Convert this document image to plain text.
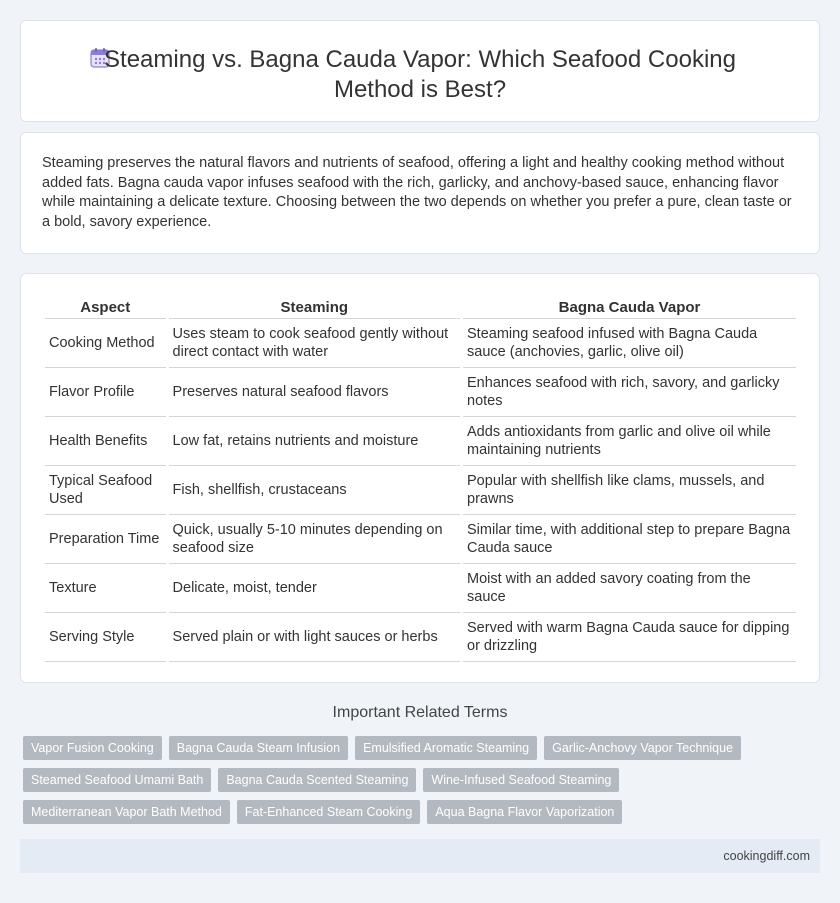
Steaming vs. Bagna Cauda Vapor: Which Seafood Cooking
Method is Best?

Steaming preserves the natural flavors and nutrients of seafood, offering a light and healthy cooking method without added fats. Bagna cauda vapor infuses seafood with the rich, garlicky, and anchovy-based sauce, enhancing flavor while maintaining a delicate texture. Choosing between the two depends on whether you prefer a pure, clean taste or a bold, savory experience.

Aspect	Steaming	Bagna Cauda Vapor
Cooking Method	Uses steam to cook seafood gently without direct contact with water	Steaming seafood infused with Bagna Cauda sauce (anchovies, garlic, olive oil)
Flavor Profile	Preserves natural seafood flavors	Enhances seafood with rich, savory, and garlicky notes
Health Benefits	Low fat, retains nutrients and moisture	Adds antioxidants from garlic and olive oil while maintaining nutrients
Typical Seafood Used	Fish, shellfish, crustaceans	Popular with shellfish like clams, mussels, and prawns
Preparation Time	Quick, usually 5-10 minutes depending on seafood size	Similar time, with additional step to prepare Bagna Cauda sauce
Texture	Delicate, moist, tender	Moist with an added savory coating from the sauce
Serving Style	Served plain or with light sauces or herbs	Served with warm Bagna Cauda sauce for dipping or drizzling
Important Related Terms
Vapor Fusion Cooking	Bagna Cauda Steam Infusion	Emulsified Aromatic Steaming	Garlic-Anchovy Vapor Technique
Steamed Seafood Umami Bath	Bagna Cauda Scented Steaming	Wine-Infused Seafood Steaming
Mediterranean Vapor Bath Method	Fat-Enhanced Steam Cooking	Aqua Bagna Flavor Vaporization
cookingdiff.com
